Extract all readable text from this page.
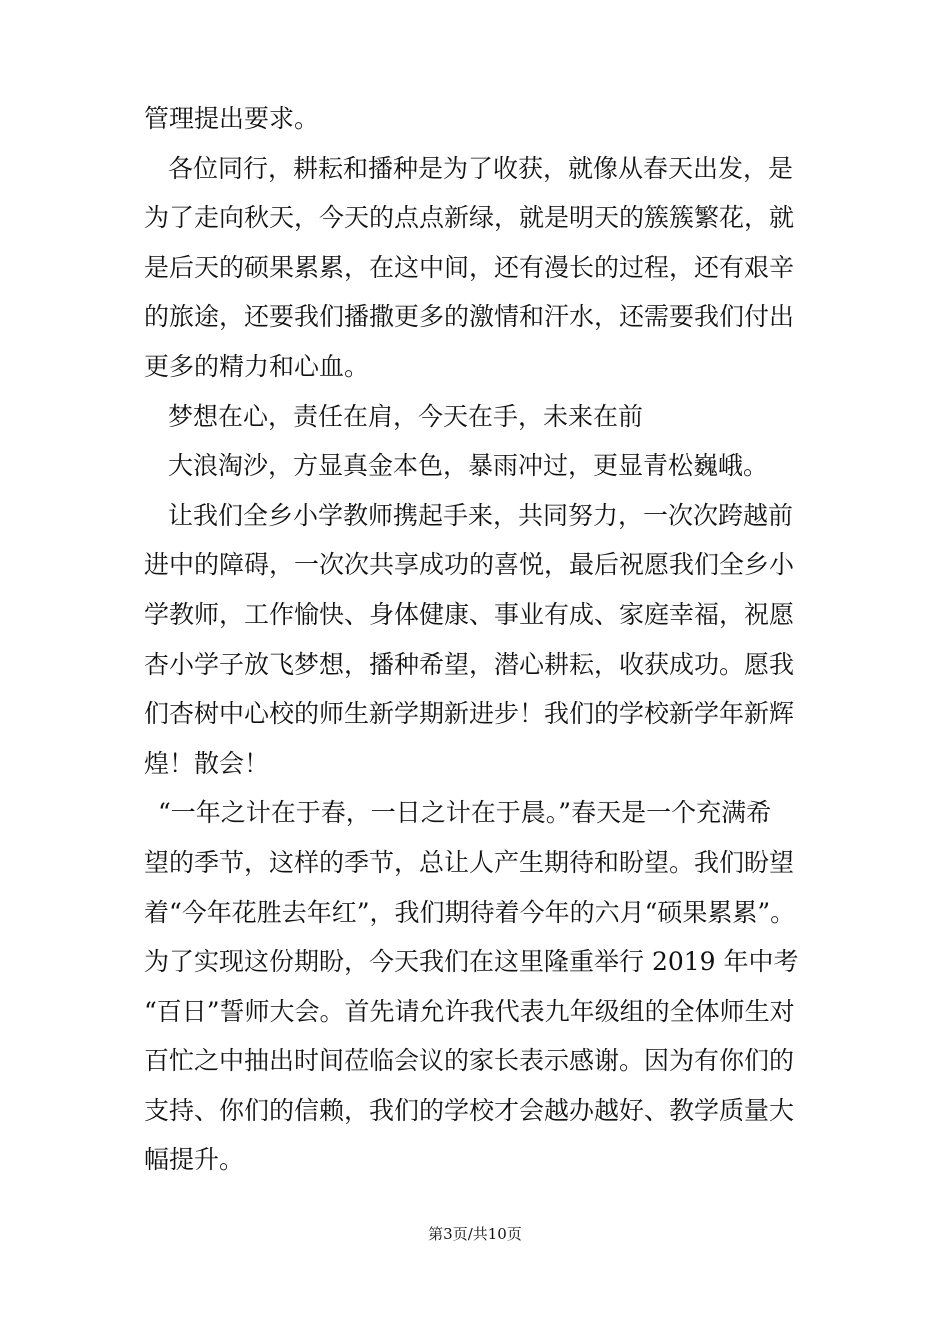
管理提出要求。
各位同行，耕耘和播种是为了收获，就像从春天出发，是
为了走向秋天，今天的点点新绿，就是明天的簇簇繁花，就
是后天的硕果累累，在这中间，还有漫长的过程，还有艰辛
的旅途，还要我们播撒更多的激情和汗水，还需要我们付出
更多的精力和心血。
梦想在心，责任在肩，今天在手，未来在前
大浪淘沙，方显真金本色，暴雨冲过，更显青松巍峨。
让我们全乡小学教师携起手来，共同努力，一次次跨越前
进中的障碍，一次次共享成功的喜悦，最后祝愿我们全乡小
学教师，工作愉快、身体健康、事业有成、家庭幸福，祝愿
杏小学子放飞梦想，播种希望，潜心耕耘，收获成功。愿我
们杏树中心校的师生新学期新进步！我们的学校新学年新辉
煌！散会！
“一年之计在于春，一日之计在于晨。”春天是一个充满希
望的季节，这样的季节，总让人产生期待和盼望。我们盼望
着“今年花胜去年红”，我们期待着今年的六月“硕果累累”。
为了实现这份期盼，今天我们在这里隆重举行 2019 年中考
“百日”誓师大会。首先请允许我代表九年级组的全体师生对
百忙之中抽出时间莅临会议的家长表示感谢。因为有你们的
支持、你们的信赖，我们的学校才会越办越好、教学质量大
幅提升。
第3页/共10页
